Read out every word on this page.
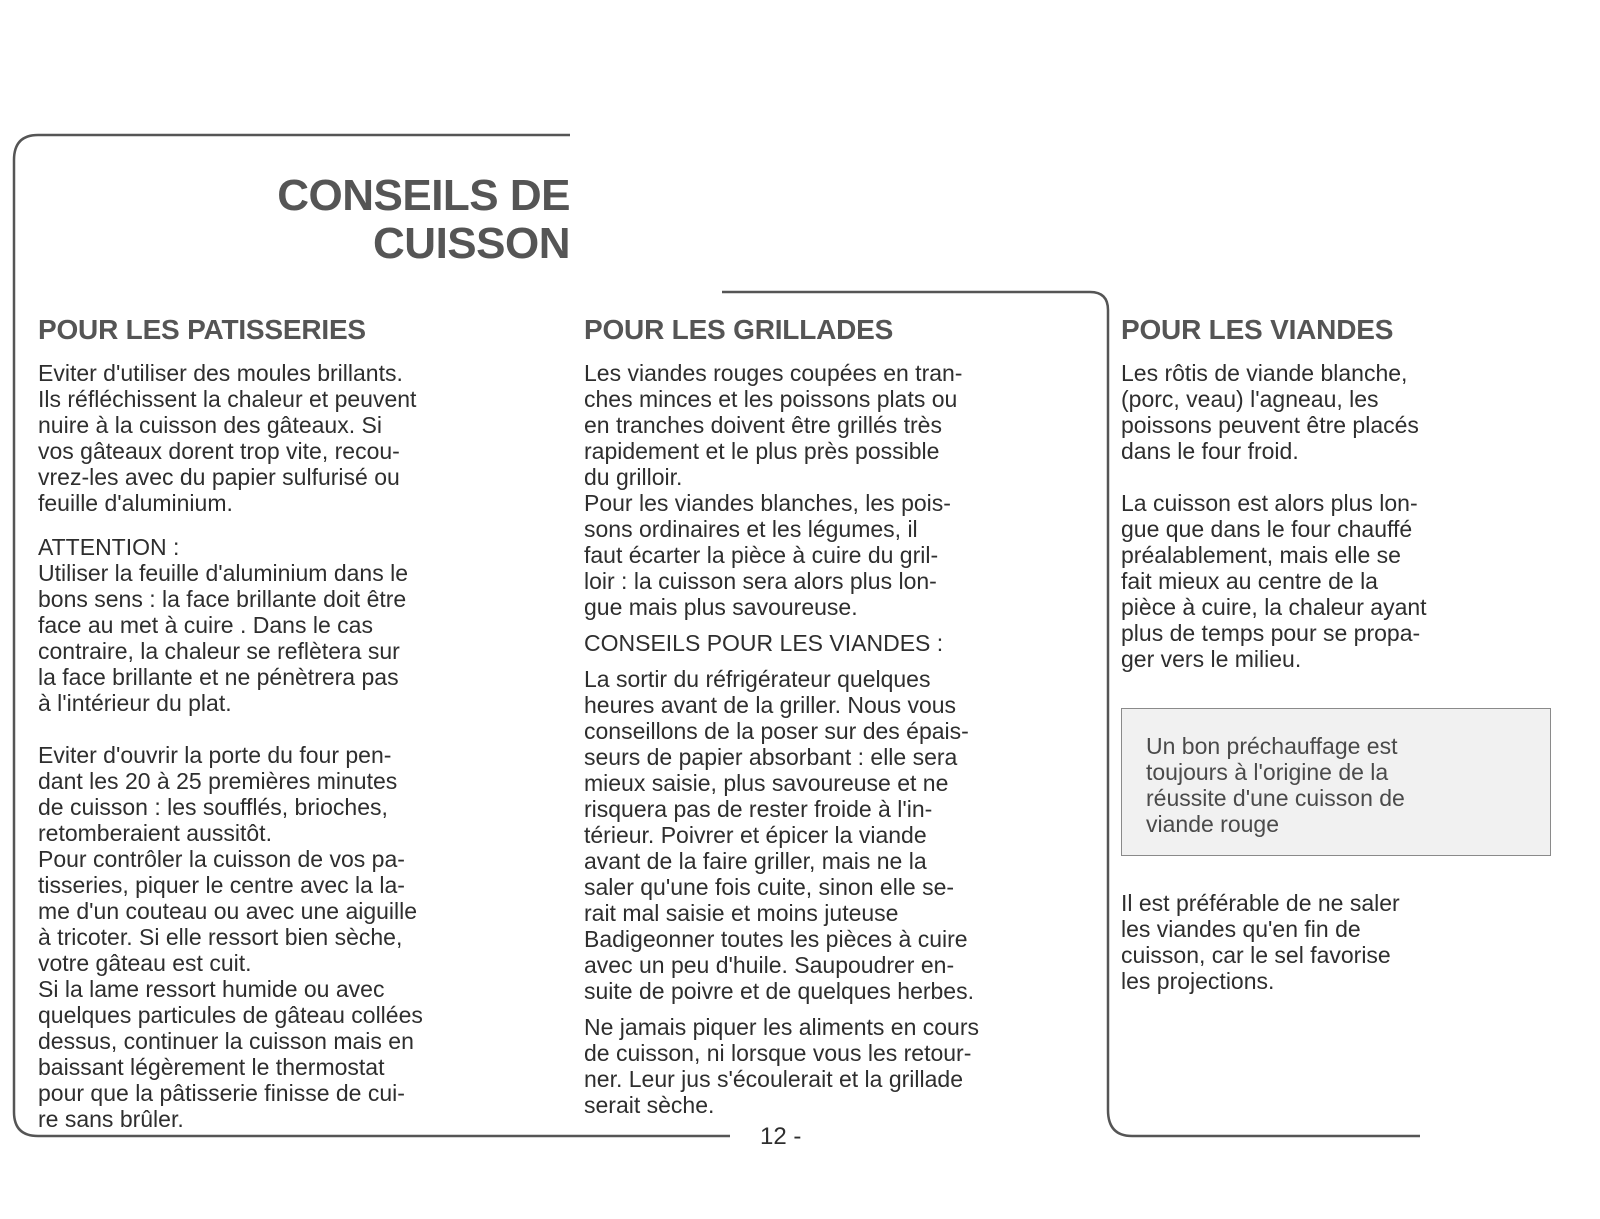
CONSEILS DE
CUISSON
POUR LES PATISSERIES
Eviter d'utiliser des moules brillants.
Ils réfléchissent la chaleur et peuvent
nuire à la cuisson des gâteaux. Si
vos gâteaux dorent trop vite, recou-
vrez-les avec du papier sulfurisé ou
feuille d'aluminium.
ATTENTION :
Utiliser la feuille d'aluminium dans le
bons sens : la face brillante doit être
face au met à cuire . Dans le cas
contraire, la chaleur se reflètera sur
la face brillante et ne pénètrera pas
à l'intérieur du plat.
Eviter d'ouvrir la porte du four pen-
dant les 20 à 25 premières minutes
de cuisson : les soufflés, brioches,
retomberaient aussitôt.
Pour contrôler la cuisson de vos pa-
tisseries, piquer le centre avec la la-
me d'un couteau ou avec une aiguille
à tricoter. Si elle ressort bien sèche,
votre gâteau est cuit.
Si la lame ressort humide ou avec
quelques particules de gâteau collées
dessus, continuer la cuisson mais en
baissant légèrement le thermostat
pour que la pâtisserie finisse de cui-
re sans brûler.
POUR LES GRILLADES
Les viandes rouges coupées en tran-
ches minces et les poissons plats ou
en tranches doivent être grillés très
rapidement et le plus près possible
du grilloir.
Pour les viandes blanches, les pois-
sons ordinaires et les légumes, il
faut écarter la pièce à cuire du gril-
loir : la cuisson sera alors plus lon-
gue mais plus savoureuse.
CONSEILS POUR LES VIANDES :
La sortir du réfrigérateur quelques
heures avant de la griller. Nous vous
conseillons de la poser sur des épais-
seurs de papier absorbant : elle sera
mieux saisie, plus savoureuse et ne
risquera pas de rester froide à l'in-
térieur. Poivrer et épicer la viande
avant de la faire griller, mais ne la
saler qu'une fois cuite, sinon elle se-
rait mal saisie et moins juteuse
Badigeonner toutes les pièces à cuire
avec un peu d'huile. Saupoudrer en-
suite de poivre et de quelques herbes.
Ne jamais piquer les aliments en cours
de cuisson, ni lorsque vous les retour-
ner. Leur jus s'écoulerait et la grillade
serait sèche.
POUR LES VIANDES
Les rôtis de viande blanche,
(porc, veau) l'agneau, les
poissons peuvent être placés
dans le four froid.
La cuisson est alors plus lon-
gue que dans le four chauffé
préalablement, mais elle se
fait mieux au centre de la
pièce à cuire, la chaleur ayant
plus de temps pour se propa-
ger vers le milieu.
Un bon préchauffage est
toujours à l'origine de la
réussite d'une cuisson de
viande rouge
Il est préférable de ne saler
les viandes qu'en fin de
cuisson, car le sel favorise
les projections.
12 -
